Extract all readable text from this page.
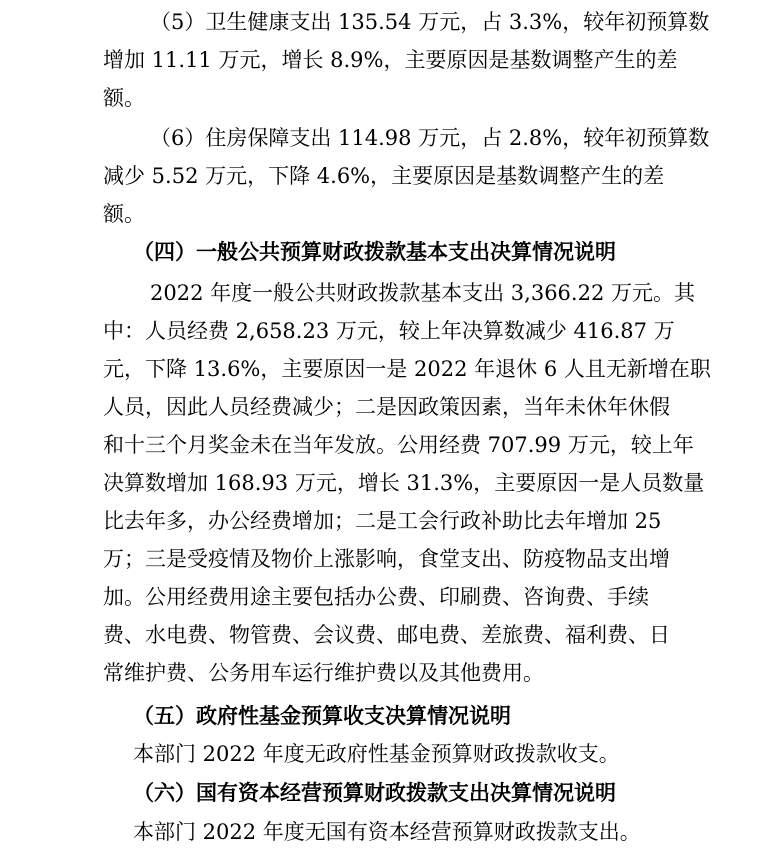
（5）卫生健康支出 135.54 万元，占 3.3%，较年初预算数
增加 11.11 万元，增长 8.9%，主要原因是基数调整产生的差
额。
（6）住房保障支出 114.98 万元，占 2.8%，较年初预算数
减少 5.52 万元，下降 4.6%，主要原因是基数调整产生的差
额。
（四）一般公共预算财政拨款基本支出决算情况说明
2022 年度一般公共财政拨款基本支出 3,366.22 万元。其
中：人员经费 2,658.23 万元，较上年决算数减少 416.87 万
元，下降 13.6%，主要原因一是 2022 年退休 6 人且无新增在职
人员，因此人员经费减少；二是因政策因素，当年未休年休假
和十三个月奖金未在当年发放。公用经费 707.99 万元，较上年
决算数增加 168.93 万元，增长 31.3%，主要原因一是人员数量
比去年多，办公经费增加；二是工会行政补助比去年增加 25
万；三是受疫情及物价上涨影响，食堂支出、防疫物品支出增
加。公用经费用途主要包括办公费、印刷费、咨询费、手续
费、水电费、物管费、会议费、邮电费、差旅费、福利费、日
常维护费、公务用车运行维护费以及其他费用。
（五）政府性基金预算收支决算情况说明
本部门 2022 年度无政府性基金预算财政拨款收支。
（六）国有资本经营预算财政拨款支出决算情况说明
本部门 2022 年度无国有资本经营预算财政拨款支出。
